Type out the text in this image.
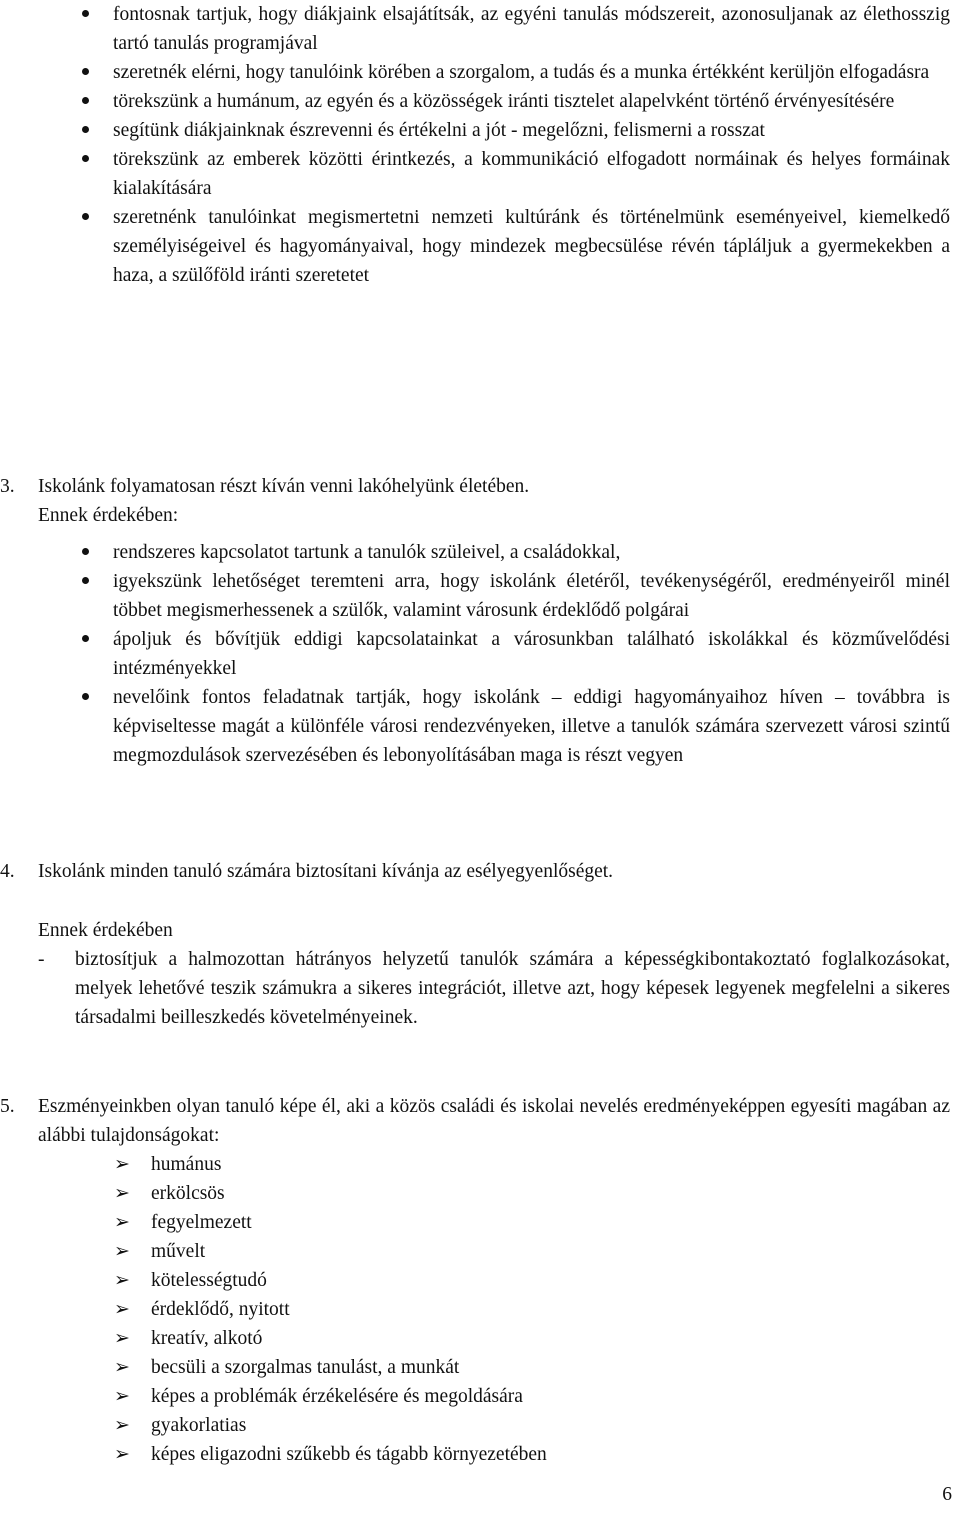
fontosnak tartjuk, hogy diákjaink elsajátítsák, az egyéni tanulás módszereit, azonosuljanak az élethosszig tartó tanulás programjával
szeretnék elérni, hogy tanulóink körében a szorgalom, a tudás és a munka értékként kerüljön elfogadásra
törekszünk a humánum, az egyén és a közösségek iránti tisztelet alapelvként történő érvényesítésére
segítünk diákjainknak észrevenni és értékelni a jót - megelőzni, felismerni a rosszat
törekszünk az emberek közötti érintkezés, a kommunikáció elfogadott normáinak és helyes formáinak kialakítására
szeretnénk tanulóinkat megismertetni nemzeti kultúránk és történelmünk eseményeivel, kiemelkedő személyiségeivel és hagyományaival, hogy mindezek megbecsülése révén tápláljuk a gyermekekben a haza, a szülőföld iránti szeretetet
3. Iskolánk folyamatosan részt kíván venni lakóhelyünk életében.
Ennek érdekében:
rendszeres kapcsolatot tartunk a tanulók szüleivel, a családokkal,
igyekszünk lehetőséget teremteni arra, hogy iskolánk életéről, tevékenységéről, eredményeiről minél többet megismerhessenek a szülők, valamint városunk érdeklődő polgárai
ápoljuk és bővítjük eddigi kapcsolatainkat a városunkban található iskolákkal és közművelődési intézményekkel
nevelőink fontos feladatnak tartják, hogy iskolánk – eddigi hagyományaihoz híven – továbbra is képviseltesse magát a különféle városi rendezvényeken, illetve a tanulók számára szervezett városi szintű megmozdulások szervezésében és lebonyolításában maga is részt vegyen
4. Iskolánk minden tanuló számára biztosítani kívánja az esélyegyenlőséget.
Ennek érdekében
- biztosítjuk a halmozottan hátrányos helyzetű tanulók számára a képességkibontakoztató foglalkozásokat, melyek lehetővé teszik számukra a sikeres integrációt, illetve azt, hogy képesek legyenek megfelelni a sikeres társadalmi beilleszkedés követelményeinek.
5. Eszményeinkben olyan tanuló képe él, aki a közös családi és iskolai nevelés eredményeképpen egyesíti magában az alábbi tulajdonságokat:
➢ humánus
➢ erkölcsös
➢ fegyelmezett
➢ művelt
➢ kötelességtudó
➢ érdeklődő, nyitott
➢ kreatív, alkotó
➢ becsüli a szorgalmas tanulást, a munkát
➢ képes a problémák érzékelésére és megoldására
➢ gyakorlatias
➢ képes eligazodni szűkebb és tágabb környezetében
6
